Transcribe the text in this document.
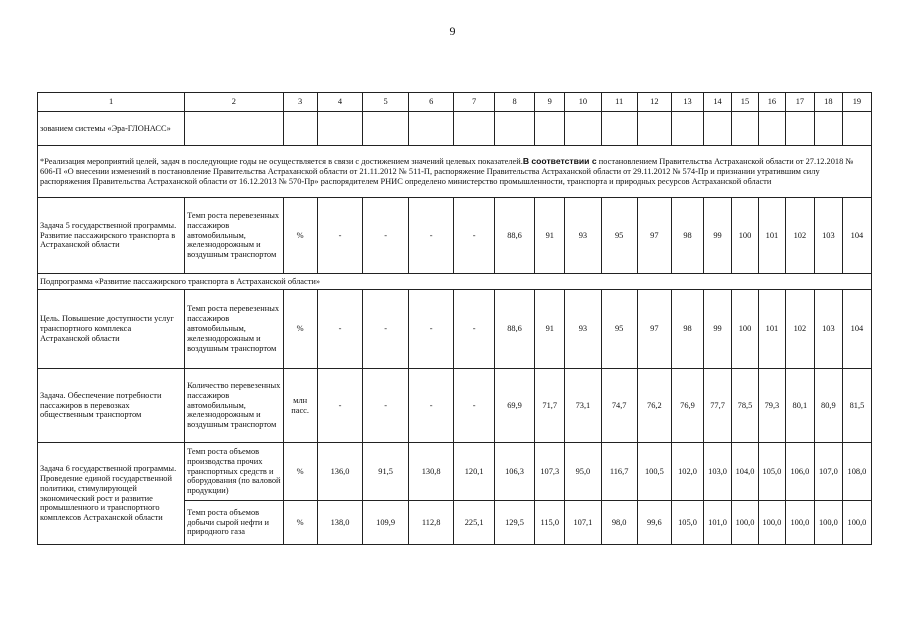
9
1	2	3	4	5	6	7	8	9	10	11	12	13	14	15	16	17	18	19
зованием системы «Эра-ГЛОНАСС»																		
*Реализация мероприятий целей, задач в последующие годы не осуществляется в связи с достижением значений целевых показателей.В соответствии с постановлением Правительства Астраханской области от 27.12.2018 № 606-П «О внесении изменений в постановление Правительства Астраханской области от 21.11.2012 № 511-П, распоряжение Правительства Астраханской области от 29.11.2012 № 574-Пр и признании утратившим силу распоряжения Правительства Астраханской области от 16.12.2013 № 570-Пр» распорядителем РНИС определено министерство промышленности, транспорта и природных ресурсов Астраханской области																		
Задача 5 государственной программы. Развитие пассажирского транспорта в Астраханской области	Темп роста перевезенных пассажиров автомобильным, железнодорожным и воздушным транспортом	%	-	-	-	-	88,6	91	93	95	97	98	99	100	101	102	103	104
Подпрограмма «Развитие пассажирского транспорта в Астраханской области»																		
Цель. Повышение доступности услуг транспортного комплекса Астраханской области	Темп роста перевезенных пассажиров автомобильным, железнодорожным и воздушным транспортом	%	-	-	-	-	88,6	91	93	95	97	98	99	100	101	102	103	104
Задача. Обеспечение потребности пассажиров в перевозках общественным транспортом	Количество перевезенных пассажиров автомобильным, железнодорожным и воздушным транспортом	млн пасс.	-	-	-	-	69,9	71,7	73,1	74,7	76,2	76,9	77,7	78,5	79,3	80,1	80,9	81,5
Задача 6 государственной программы. Проведение единой государственной политики, стимулирующей экономический рост и развитие промышленного и транспортного комплексов Астраханской области	Темп роста объемов производства прочих транспортных средств и оборудования (по валовой продукции)	%	136,0	91,5	130,8	120,1	106,3	107,3	95,0	116,7	100,5	102,0	103,0	104,0	105,0	106,0	107,0	108,0
	Темп роста объемов добычи сырой нефти и природного газа	%	138,0	109,9	112,8	225,1	129,5	115,0	107,1	98,0	99,6	105,0	101,0	100,0	100,0	100,0	100,0	100,0
